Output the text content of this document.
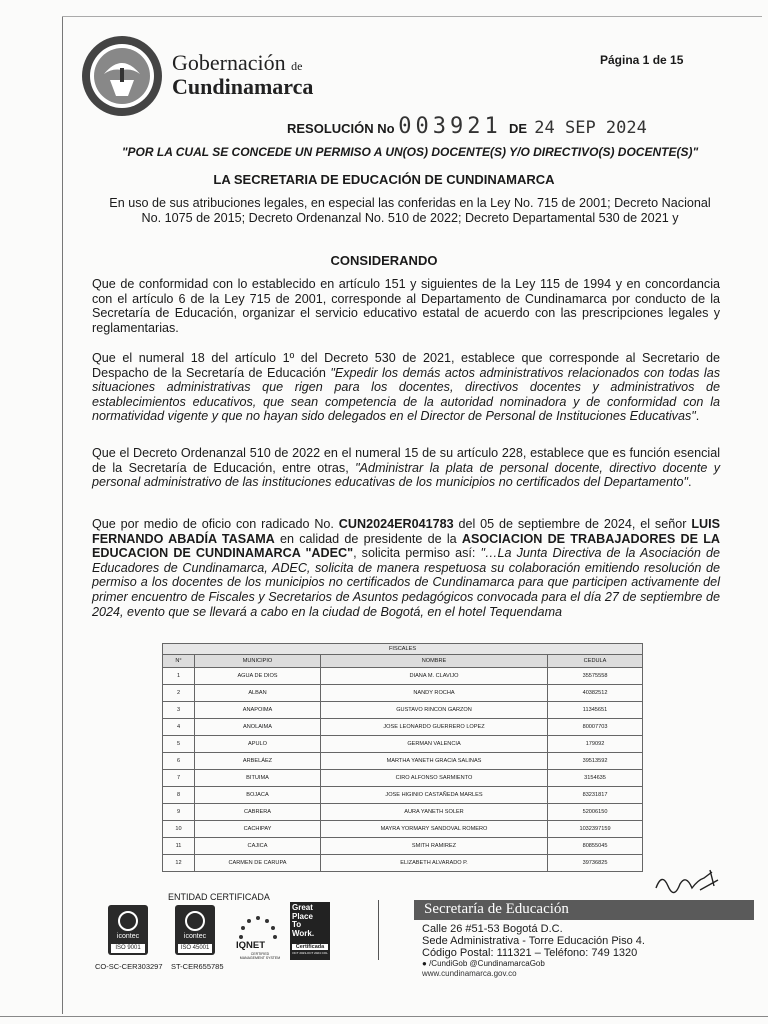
Gobernación de
Cundinamarca
Página 1 de 15
RESOLUCIÓN No 003921 DE 24 SEP 2024
"POR LA CUAL SE CONCEDE UN PERMISO A UN(OS) DOCENTE(S) Y/O DIRECTIVO(S) DOCENTE(S)"
LA SECRETARIA DE EDUCACIÓN DE CUNDINAMARCA
En uso de sus atribuciones legales, en especial las conferidas en la Ley No. 715 de 2001; Decreto Nacional No. 1075 de 2015; Decreto Ordenanzal No. 510 de 2022; Decreto Departamental 530 de 2021 y
CONSIDERANDO
Que de conformidad con lo establecido en artículo 151 y siguientes de la Ley 115 de 1994 y en concordancia con el artículo 6 de la Ley 715 de 2001, corresponde al Departamento de Cundinamarca por conducto de la Secretaría de Educación, organizar el servicio educativo estatal de acuerdo con las prescripciones legales y reglamentarias.
Que el numeral 18 del artículo 1º del Decreto 530 de 2021, establece que corresponde al Secretario de Despacho de la Secretaría de Educación "Expedir los demás actos administrativos relacionados con todas las situaciones administrativas que rigen para los docentes, directivos docentes y administrativos de establecimientos educativos, que sean competencia de la autoridad nominadora y de conformidad con la normatividad vigente y que no hayan sido delegados en el Director de Personal de Instituciones Educativas".
Que el Decreto Ordenanzal 510 de 2022 en el numeral 15 de su artículo 228, establece que es función esencial de la Secretaría de Educación, entre otras, "Administrar la plata de personal docente, directivo docente y personal administrativo de las instituciones educativas de los municipios no certificados del Departamento".
Que por medio de oficio con radicado No. CUN2024ER041783 del 05 de septiembre de 2024, el señor LUIS FERNANDO ABADÍA TASAMA en calidad de presidente de la ASOCIACION DE TRABAJADORES DE LA EDUCACION DE CUNDINAMARCA "ADEC", solicita permiso así: "…La Junta Directiva de la Asociación de Educadores de Cundinamarca, ADEC, solicita de manera respetuosa su colaboración emitiendo resolución de permiso a los docentes de los municipios no certificados de Cundinamarca para que participen activamente del primer encuentro de Fiscales y Secretarios de Asuntos pedagógicos convocada para el día 27 de septiembre de 2024, evento que se llevará a cabo en la ciudad de Bogotá, en el hotel Tequendama
FISCALES			
N°	MUNICIPIO	NOMBRE	CEDULA
1	AGUA DE DIOS	DIANA M. CLAVIJO	35575558
2	ALBAN	NANDY ROCHA	40382512
3	ANAPOIMA	GUSTAVO RINCON GARZON	11345651
4	ANOLAIMA	JOSE LEONARDO GUERRERO LOPEZ	80007703
5	APULO	GERMAN VALENCIA	179092
6	ARBELÁEZ	MARTHA YANETH GRACIA SALINAS	39513592
7	BITUIMA	CIRO ALFONSO SARMIENTO	3154635
8	BOJACA	JOSE HIGINIO CASTAÑEDA MARLES	83231817
9	CABRERA	AURA YANETH SOLER	52006150
10	CACHIPAY	MAYRA YORMARY SANDOVAL ROMERO	1032397159
11	CAJICA	SMITH RAMIREZ	80855045
12	CARMEN DE CARUPA	ELIZABETH ALVARADO P.	39736825
ENTIDAD CERTIFICADA
icontec
ISO 9001
icontec
ISO 45001
CO-SC-CER303297 ST-CER655785
IQNET
CERTIFIED MANAGEMENT SYSTEM
Great
Place
To
Work.
Certificada
OCT 2023-OCT 2024 COL
Secretaría de Educación
Calle 26 #51-53 Bogotá D.C.
Sede Administrativa - Torre Educación Piso 4.
Código Postal: 111321 – Teléfono: 749 1320
● /CundiGob @CundinamarcaGob
www.cundinamarca.gov.co
